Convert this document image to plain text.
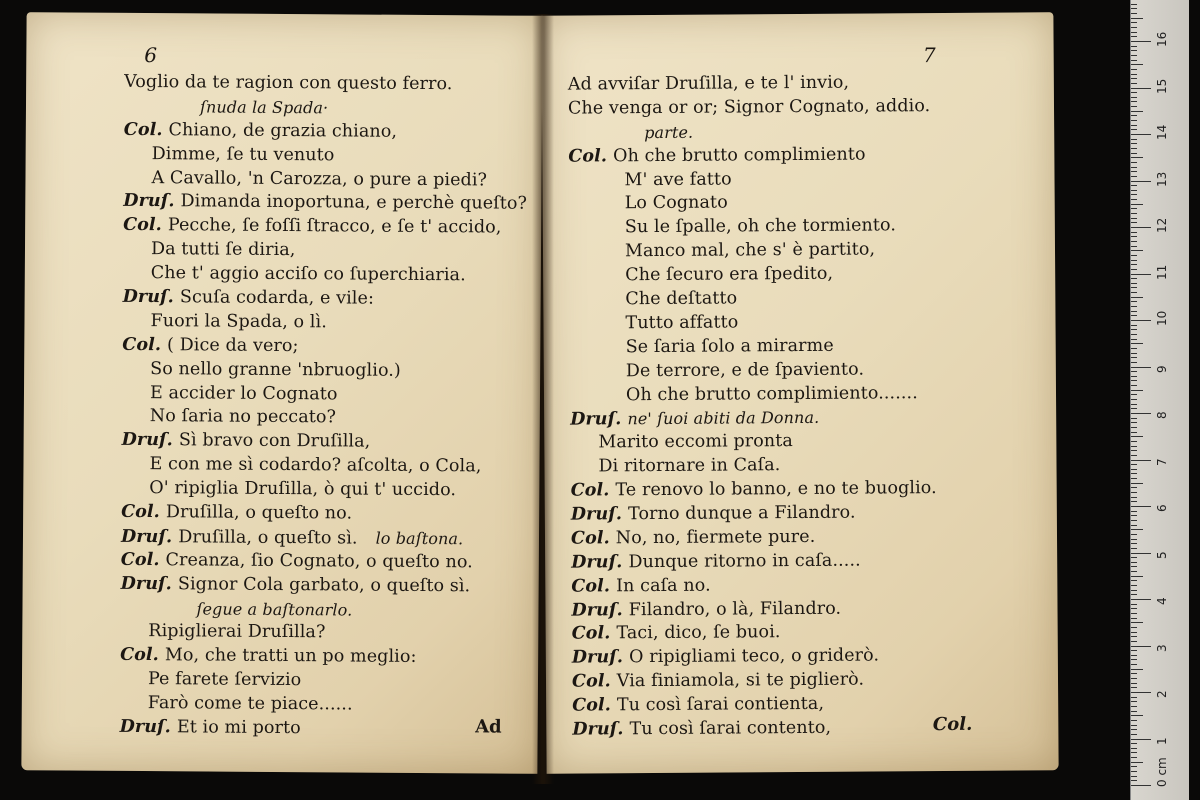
6
Voglio da te ragion con questo ferro.
ſnuda la Spada·
Col. Chiano, de grazia chiano,
Dimme, ſe tu venuto
A Cavallo, 'n Carozza, o pure a piedi?
Druſ. Dimanda inoportuna, e perchè queſto?
Col. Pecche, ſe foſſi ſtracco, e ſe t' accido,
Da tutti ſe diria,
Che t' aggio acciſo co ſuperchiaria.
Druſ. Scuſa codarda, e vile:
Fuori la Spada, o lì.
Col. ( Dice da vero;
So nello granne 'nbruoglio.)
E accider lo Cognato
No ſaria no peccato?
Druſ. Sì bravo con Druſilla,
E con me sì codardo? aſcolta, o Cola,
O' ripiglia Druſilla, ò qui t' uccido.
Col. Druſilla, o queſto no.
Druſ. Druſilla, o queſto sì. lo baſtona.
Col. Creanza, ſio Cognato, o queſto no.
Druſ. Signor Cola garbato, o queſto sì.
ſegue a baſtonarlo.
Ripiglierai Druſilla?
Col. Mo, che tratti un po meglio:
Pe farete ſervizio
Farò come te piace......
Druſ. Et io mi porto	Ad
7
Ad avviſar Druſilla, e te l' invio,
Che venga or or; Signor Cognato, addio.
parte.
Col. Oh che brutto complimiento
M' ave fatto
Lo Cognato
Su le ſpalle, oh che tormiento.
Manco mal, che s' è partito,
Che ſecuro era ſpedito,
Che deſtatto
Tutto affatto
Se ſaria ſolo a mirarme
De terrore, e de ſpaviento.
Oh che brutto complimiento.......
Druſ. ne' ſuoi abiti da Donna.
Marito eccomi pronta
Di ritornare in Caſa.
Col. Te renovo lo banno, e no te buoglio.
Druſ. Torno dunque a Filandro.
Col. No, no, fiermete pure.
Druſ. Dunque ritorno in caſa.....
Col. In caſa no.
Druſ. Filandro, o là, Filandro.
Col. Taci, dico, ſe buoi.
Druſ. O ripigliami teco, o griderò.
Col. Via finiamola, si te piglierò.
Col. Tu così ſarai contienta,
Druſ. Tu così ſarai contento,	Col.
1
2
3
4
5
6
7
8
9
10
11
12
13
14
15
16
0 cm
